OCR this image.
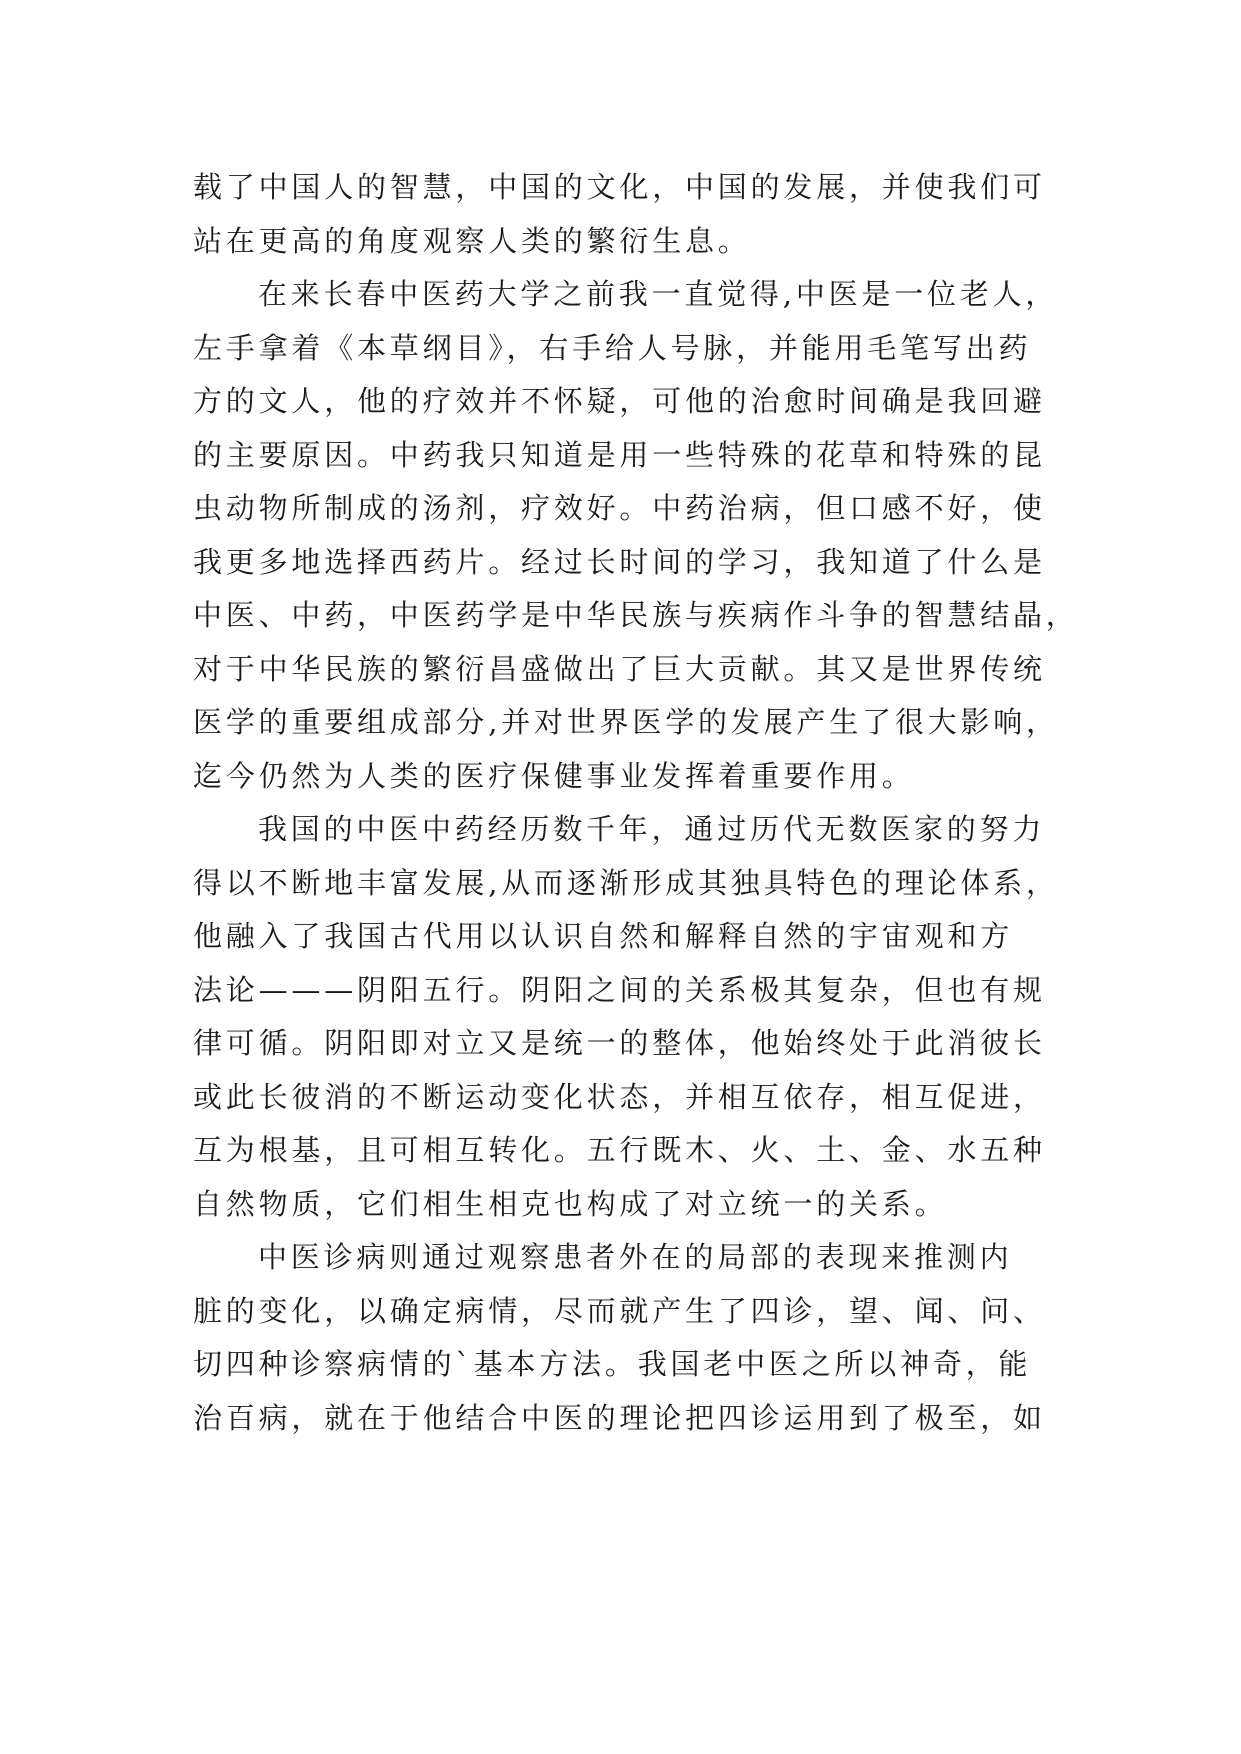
载了中国人的智慧，中国的文化，中国的发展，并使我们可
站在更高的角度观察人类的繁衍生息。
在来长春中医药大学之前我一直觉得,中医是一位老人，
左手拿着《本草纲目》，右手给人号脉，并能用毛笔写出药
方的文人，他的疗效并不怀疑，可他的治愈时间确是我回避
的主要原因。中药我只知道是用一些特殊的花草和特殊的昆
虫动物所制成的汤剂，疗效好。中药治病，但口感不好，使
我更多地选择西药片。经过长时间的学习，我知道了什么是
中医、中药，中医药学是中华民族与疾病作斗争的智慧结晶，
对于中华民族的繁衍昌盛做出了巨大贡献。其又是世界传统
医学的重要组成部分,并对世界医学的发展产生了很大影响，
迄今仍然为人类的医疗保健事业发挥着重要作用。
我国的中医中药经历数千年，通过历代无数医家的努力
得以不断地丰富发展,从而逐渐形成其独具特色的理论体系，
他融入了我国古代用以认识自然和解释自然的宇宙观和方
法论———阴阳五行。阴阳之间的关系极其复杂，但也有规
律可循。阴阳即对立又是统一的整体，他始终处于此消彼长
或此长彼消的不断运动变化状态，并相互依存，相互促进，
互为根基，且可相互转化。五行既木、火、土、金、水五种
自然物质，它们相生相克也构成了对立统一的关系。
中医诊病则通过观察患者外在的局部的表现来推测内
脏的变化，以确定病情，尽而就产生了四诊，望、闻、问、
切四种诊察病情的`基本方法。我国老中医之所以神奇，能
治百病，就在于他结合中医的理论把四诊运用到了极至，如
